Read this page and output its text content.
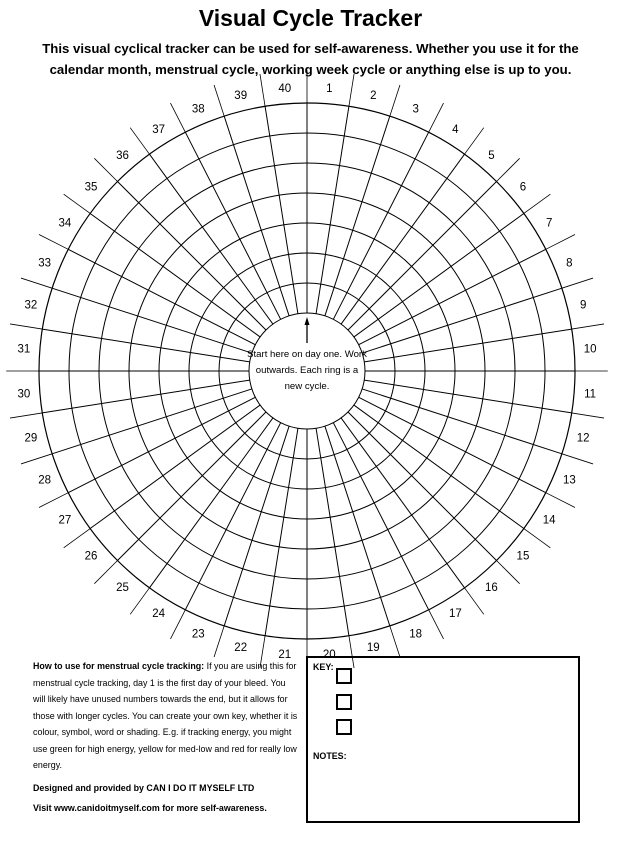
Visual Cycle Tracker
This visual cyclical tracker can be used for self-awareness. Whether you use it for the calendar month, menstrual cycle, working week cycle or anything else is up to you.
1
2
3
4
5
6
7
8
9
10
11
12
13
14
15
16
17
18
19
20
21
22
23
24
25
26
27
28
29
30
31
32
33
34
35
36
37
38
39
40
Start here on day one. Work outwards. Each ring is a new cycle.
How to use for menstrual cycle tracking: If you are using this for menstrual cycle tracking, day 1 is the first day of your bleed. You will likely have unused numbers towards the end, but it allows for those with longer cycles. You can create your own key, whether it is colour, symbol, word or shading. E.g. if tracking energy, you might use green for high energy, yellow for med-low and red for really low energy.
Designed and provided by CAN I DO IT MYSELF LTD
Visit www.canidoitmyself.com for more self-awareness.
KEY:
NOTES:
